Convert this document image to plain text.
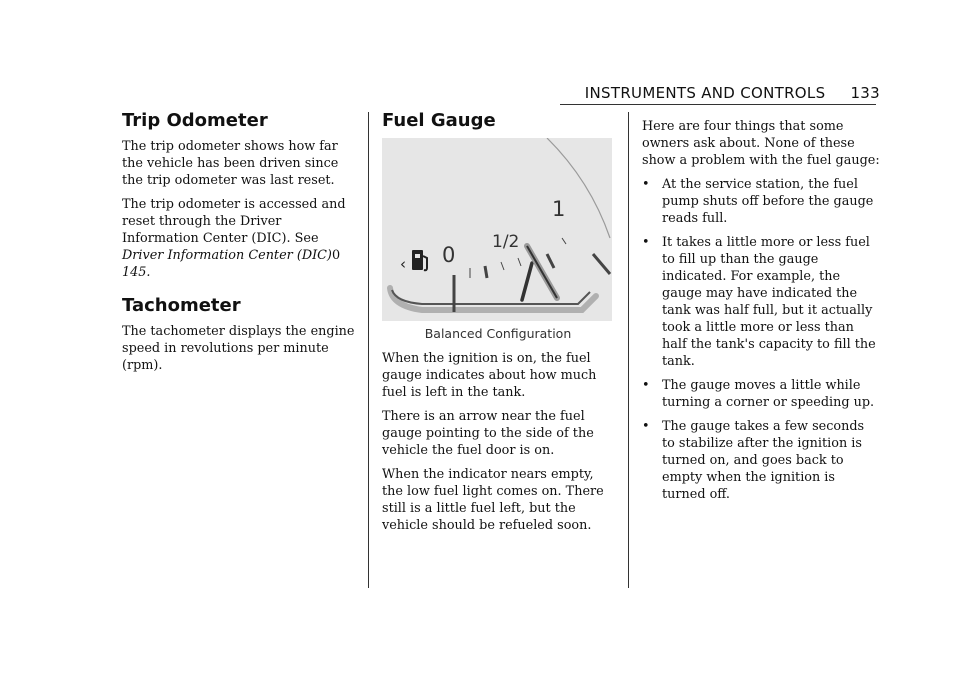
INSTRUMENTS AND CONTROLS 133
Trip Odometer

The trip odometer shows how far the vehicle has been driven since the trip odometer was last reset.

The trip odometer is accessed and reset through the Driver Information Center (DIC). See Driver Information Center (DIC)0 145.

Tachometer

The tachometer displays the engine speed in revolutions per minute (rpm).

Fuel Gauge
‹ 0
1/2
1
Balanced Configuration

When the ignition is on, the fuel gauge indicates about how much fuel is left in the tank.

There is an arrow near the fuel gauge pointing to the side of the vehicle the fuel door is on.

When the indicator nears empty, the low fuel light comes on. There still is a little fuel left, but the vehicle should be refueled soon.

Here are four things that some owners ask about. None of these show a problem with the fuel gauge:

• At the service station, the fuel pump shuts off before the gauge reads full.
• It takes a little more or less fuel to fill up than the gauge indicated. For example, the gauge may have indicated the tank was half full, but it actually took a little more or less than half the tank's capacity to fill the tank.
• The gauge moves a little while turning a corner or speeding up.
• The gauge takes a few seconds to stabilize after the ignition is turned on, and goes back to empty when the ignition is turned off.
